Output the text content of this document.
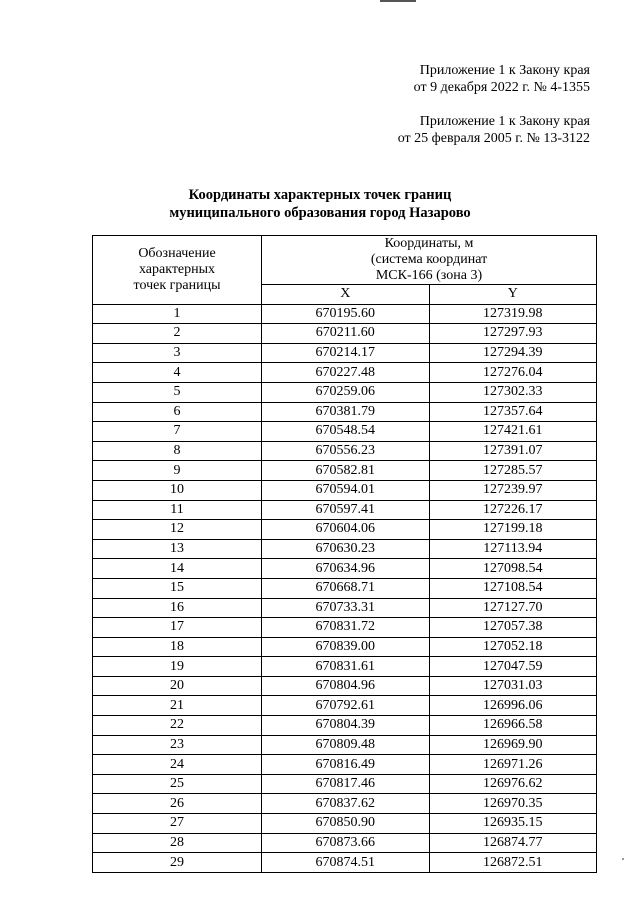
Приложение 1 к Закону края
от 9 декабря 2022 г. № 4-1355
Приложение 1 к Закону края
от 25 февраля 2005 г. № 13-3122
Координаты характерных точек границ
муниципального образования город Назарово
Обозначение
характерных
точек границы	Координаты, м
(система координат
МСК-166 (зона 3)	

	X	Y
1	670195.60	127319.98
2	670211.60	127297.93
3	670214.17	127294.39
4	670227.48	127276.04
5	670259.06	127302.33
6	670381.79	127357.64
7	670548.54	127421.61
8	670556.23	127391.07
9	670582.81	127285.57
10	670594.01	127239.97
11	670597.41	127226.17
12	670604.06	127199.18
13	670630.23	127113.94
14	670634.96	127098.54
15	670668.71	127108.54
16	670733.31	127127.70
17	670831.72	127057.38
18	670839.00	127052.18
19	670831.61	127047.59
20	670804.96	127031.03
21	670792.61	126996.06
22	670804.39	126966.58
23	670809.48	126969.90
24	670816.49	126971.26
25	670817.46	126976.62
26	670837.62	126970.35
27	670850.90	126935.15
28	670873.66	126874.77
29	670874.51	126872.51
